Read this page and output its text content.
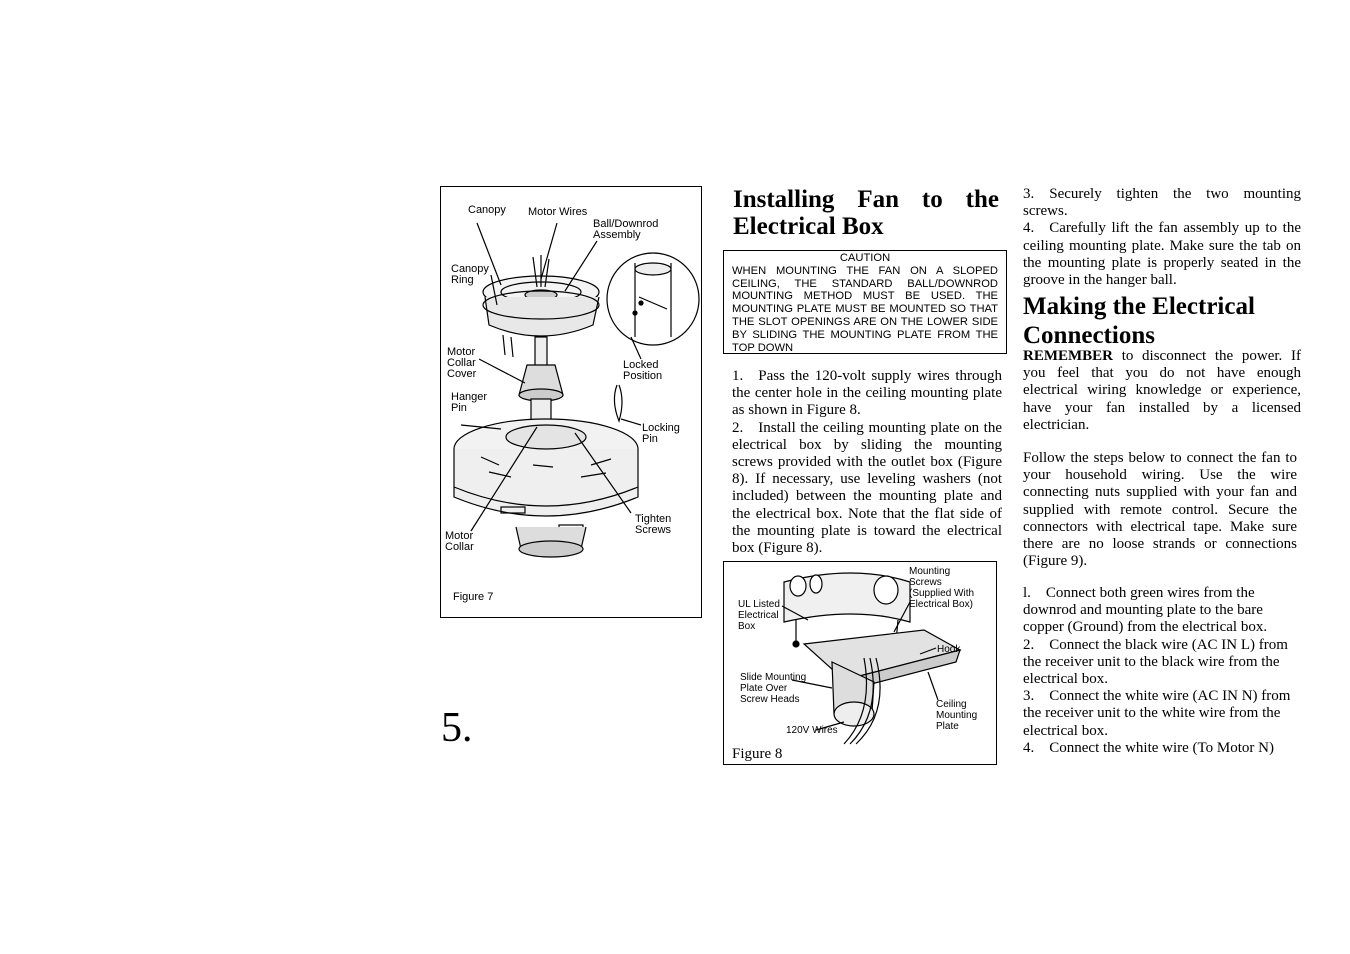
Canopy Motor Wires
Ball/Downrod
Assembly
Canopy
Ring
Motor
Collar
Cover
Locked
Position
Hanger
Pin
Locking
Pin
Tighten
Screws
Motor
Collar
Figure 7
5.
Installing Fan to the Electrical Box
CAUTION
WHEN MOUNTING THE FAN ON A SLOPED CEILING, THE STANDARD BALL/DOWNROD MOUNTING METHOD MUST BE USED. THE MOUNTING PLATE MUST BE MOUNTED SO THAT THE SLOT OPENINGS ARE ON THE LOWER SIDE BY SLIDING THE MOUNTING PLATE FROM THE TOP DOWN

1. Pass the 120-volt supply wires through the center hole in the ceiling mounting plate as shown in Figure 8.

2. Install the ceiling mounting plate on the electrical box by sliding the mounting screws provided with the outlet box (Figure 8). If necessary, use leveling washers (not included) between the mounting plate and the electrical box. Note that the flat side of the mounting plate is toward the electrical box (Figure 8).

Mounting
Screws
(Supplied With
Electrical Box)
UL Listed
Electrical
Box
Hook
Slide Mounting
Plate Over
Screw Heads	Ceiling
Mounting
Plate
120V Wires
Figure 8

3. Securely tighten the two mounting screws.

4. Carefully lift the fan assembly up to the ceiling mounting plate. Make sure the tab on the mounting plate is properly seated in the groove in the hanger ball.

Making the Electrical Connections

REMEMBER to disconnect the power. If you feel that you do not have enough electrical wiring knowledge or experience, have your fan installed by a licensed electrician.

Follow the steps below to connect the fan to your household wiring. Use the wire connecting nuts supplied with your fan and supplied with remote control. Secure the connectors with electrical tape. Make sure there are no loose strands or connections (Figure 9).

l. Connect both green wires from the downrod and mounting plate to the bare copper (Ground) from the electrical box.

2. Connect the black wire (AC IN L) from the receiver unit to the black wire from the electrical box.

3. Connect the white wire (AC IN N) from the receiver unit to the white wire from the electrical box.

4. Connect the white wire (To Motor N)
